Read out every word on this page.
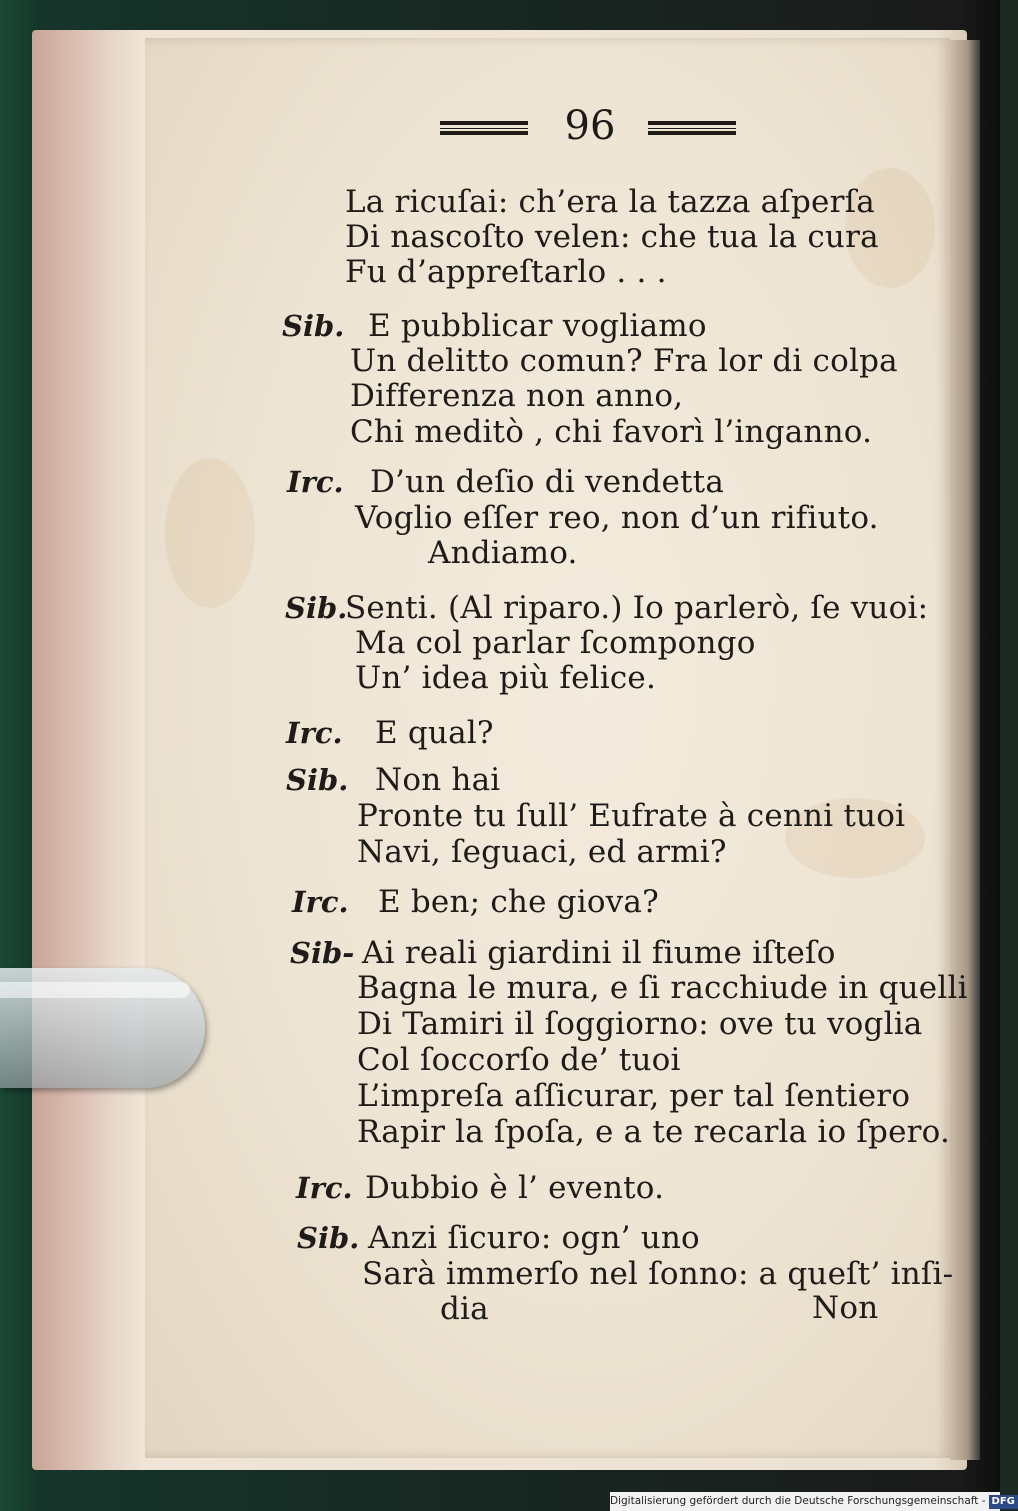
96
La ricuſai: ch’era la tazza aſperſa
Di nascoſto velen: che tua la cura
Fu d’appreſtarlo . . .
Sib. E pubblicar vogliamo
Un delitto comun? Fra lor di colpa
Differenza non anno,
Chi meditò , chi favorì l’inganno.
Irc. D’un deſio di vendetta
Voglio eſſer reo, non d’un rifiuto.
Andiamo.
Sib.
Senti. (Al riparo.) Io parlerò, ſe vuoi:
Ma col parlar ſcompongo
Un’ idea più felice.
Irc. E qual?
Sib. Non hai
Pronte tu ſull’ Eufrate à cenni tuoi
Navi, ſeguaci, ed armi?
Irc. E ben; che giova?
Sib- Ai reali giardini il fiume iſteſo
Bagna le mura, e ſi racchiude in quelli
Di Tamiri il ſoggiorno: ove tu voglia
Col ſoccorſo de’ tuoi
L’impreſa aſſicurar, per tal ſentiero
Rapir la ſpoſa, e a te recarla io ſpero.
Irc. Dubbio è l’ evento.
Sib. Anzi ſicuro: ogn’ uno
Sarà immerſo nel ſonno: a queſt’ inſi-
dia	Non
Digitalisierung gefördert durch die Deutsche Forschungsgemeinschaft - DFG
